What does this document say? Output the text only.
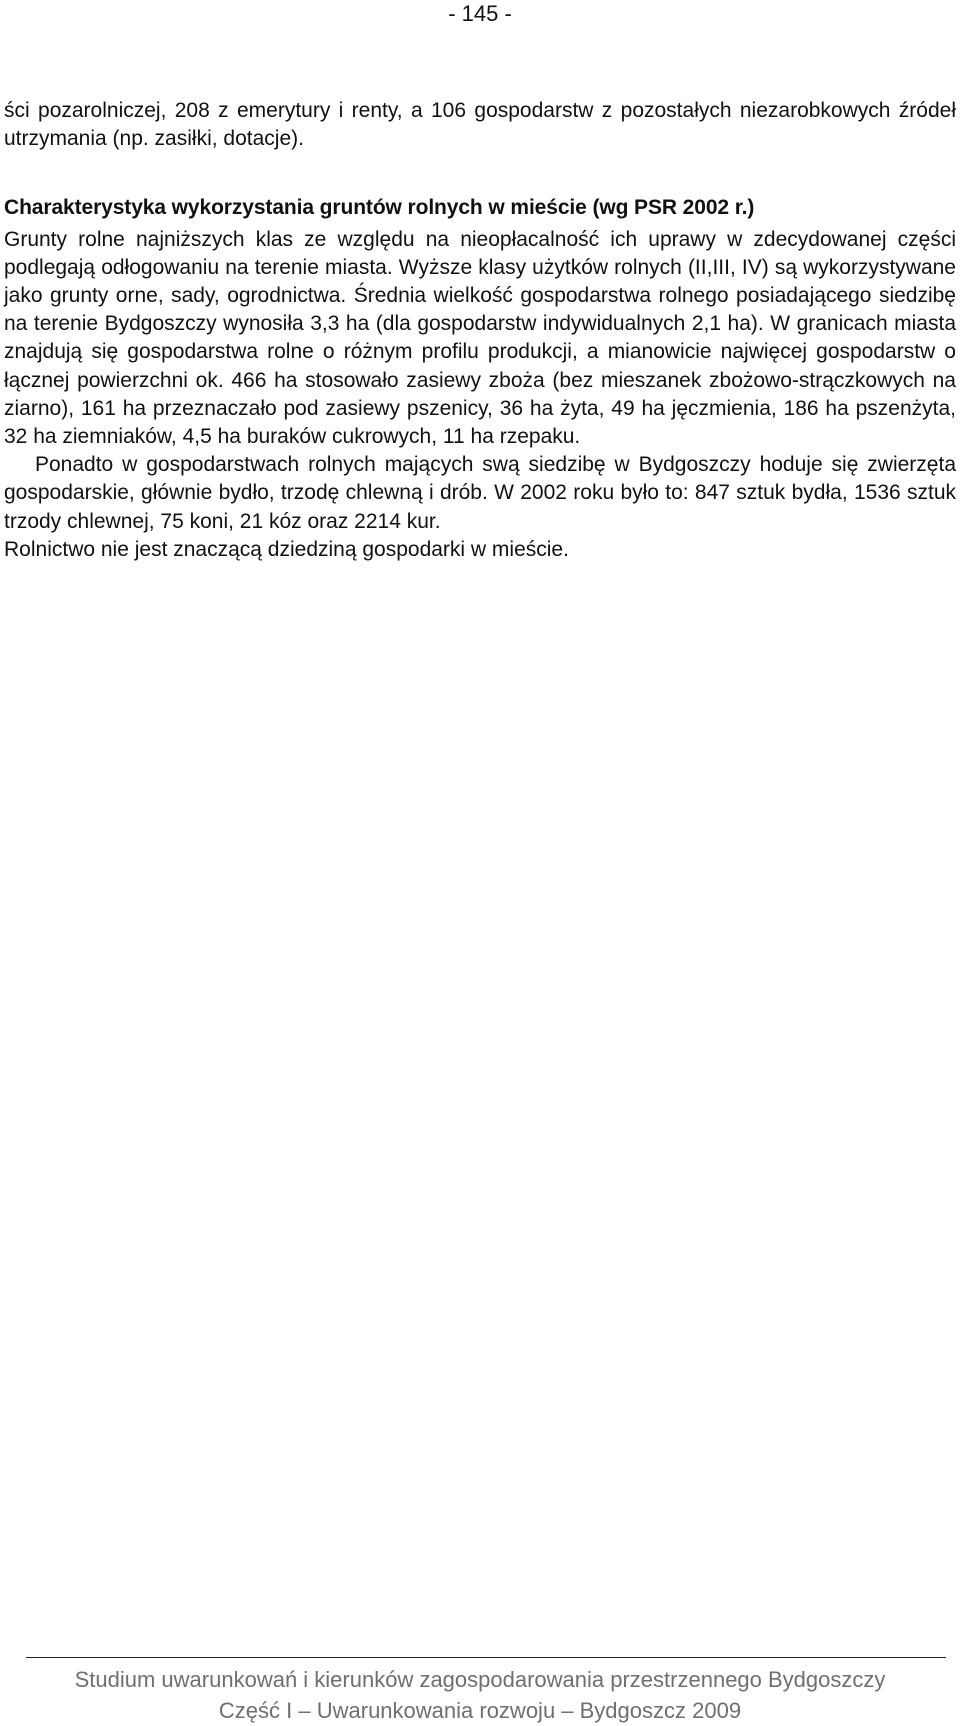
- 145 -

ści pozarolniczej, 208 z emerytury i renty, a 106 gospodarstw z pozostałych niezarobkowych źródeł utrzymania (np. zasiłki, dotacje).

Charakterystyka wykorzystania gruntów rolnych w mieście (wg PSR 2002 r.)

Grunty rolne najniższych klas ze względu na nieopłacalność ich uprawy w zdecydowanej części podlegają odłogowaniu na terenie miasta. Wyższe klasy użytków rolnych (II,III, IV) są wykorzystywane jako grunty orne, sady, ogrodnictwa. Średnia wielkość gospodarstwa rolnego posiadającego siedzibę na terenie Bydgoszczy wynosiła 3,3 ha (dla gospodarstw indywidualnych 2,1 ha). W granicach miasta znajdują się gospodarstwa rolne o różnym profilu produkcji, a mianowicie najwięcej gospodarstw o łącznej powierzchni ok. 466 ha stosowało zasiewy zboża (bez mieszanek zbożowo-strączkowych na ziarno), 161 ha przeznaczało pod zasiewy pszenicy, 36 ha żyta, 49 ha jęczmienia, 186 ha pszenżyta, 32 ha ziemniaków, 4,5 ha buraków cukrowych, 11 ha rzepaku.

Ponadto w gospodarstwach rolnych mających swą siedzibę w Bydgoszczy hoduje się zwierzęta gospodarskie, głównie bydło, trzodę chlewną i drób. W 2002 roku było to: 847 sztuk bydła, 1536 sztuk trzody chlewnej, 75 koni, 21 kóz oraz 2214 kur.

Rolnictwo nie jest znaczącą dziedziną gospodarki w mieście.

Studium uwarunkowań i kierunków zagospodarowania przestrzennego Bydgoszczy
Część I – Uwarunkowania rozwoju – Bydgoszcz 2009
